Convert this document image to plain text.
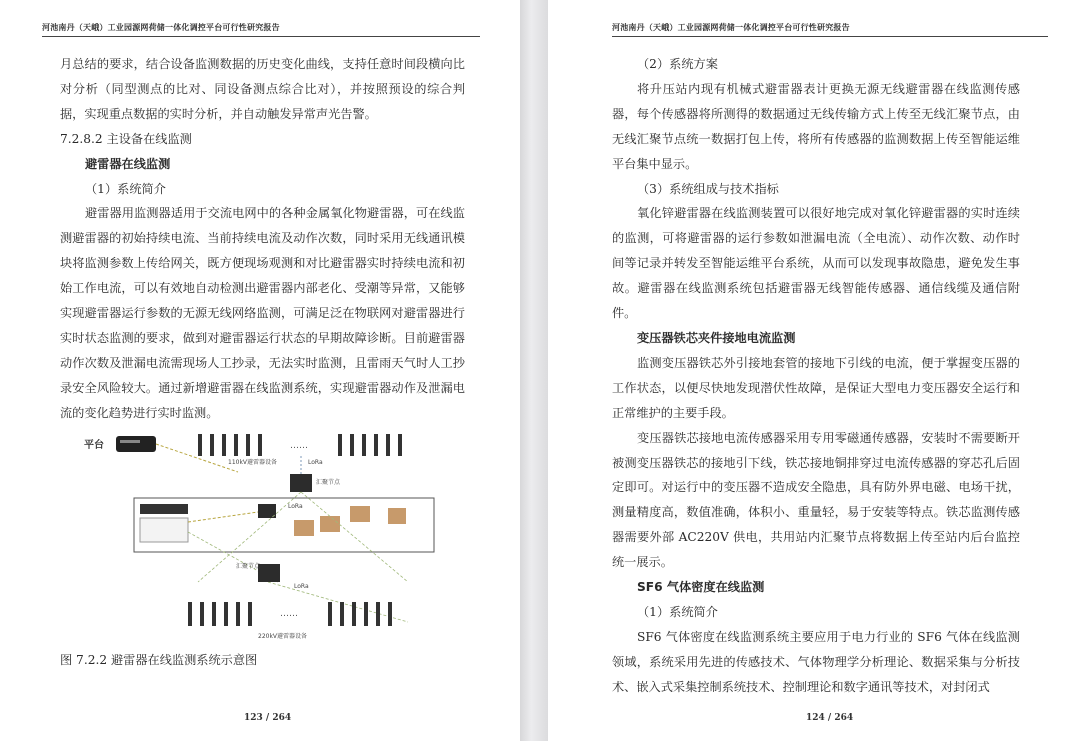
河池南丹（天峨）工业园源网荷储一体化调控平台可行性研究报告

月总结的要求，结合设备监测数据的历史变化曲线，支持任意时间段横向比对分析（同型测点的比对、同设备测点综合比对），并按照预设的综合判据，实现重点数据的实时分析，并自动触发异常声光告警。

7.2.8.2 主设备在线监测

避雷器在线监测

（1）系统简介

避雷器用监测器适用于交流电网中的各种金属氧化物避雷器，可在线监测避雷器的初始持续电流、当前持续电流及动作次数，同时采用无线通讯模块将监测参数上传给网关，既方便现场观测和对比避雷器实时持续电流和初始工作电流，可以有效地自动检测出避雷器内部老化、受潮等异常，又能够实现避雷器运行参数的无源无线网络监测，可满足泛在物联网对避雷器进行实时状态监测的要求，做到对避雷器运行状态的早期故障诊断。目前避雷器动作次数及泄漏电流需现场人工抄录，无法实时监测，且雷雨天气时人工抄录安全风险较大。通过新增避雷器在线监测系统，实现避雷器动作及泄漏电流的变化趋势进行实时监测。

平台	……
110kV避雷器设备	LoRa
汇聚节点
LoRa
汇聚节点
LoRa
……
220kV避雷器设备

图 7.2.2 避雷器在线监测系统示意图

123 / 264
河池南丹（天峨）工业园源网荷储一体化调控平台可行性研究报告

（2）系统方案

将升压站内现有机械式避雷器表计更换无源无线避雷器在线监测传感器，每个传感器将所测得的数据通过无线传输方式上传至无线汇聚节点，由无线汇聚节点统一数据打包上传，将所有传感器的监测数据上传至智能运维平台集中显示。

（3）系统组成与技术指标

氧化锌避雷器在线监测装置可以很好地完成对氧化锌避雷器的实时连续的监测，可将避雷器的运行参数如泄漏电流（全电流）、动作次数、动作时间等记录并转发至智能运维平台系统，从而可以发现事故隐患，避免发生事故。避雷器在线监测系统包括避雷器无线智能传感器、通信线缆及通信附件。

变压器铁芯夹件接地电流监测

监测变压器铁芯外引接地套管的接地下引线的电流，便于掌握变压器的工作状态，以便尽快地发现潜伏性故障，是保证大型电力变压器安全运行和正常维护的主要手段。

变压器铁芯接地电流传感器采用专用零磁通传感器，安装时不需要断开被测变压器铁芯的接地引下线，铁芯接地铜排穿过电流传感器的穿芯孔后固定即可。对运行中的变压器不造成安全隐患，具有防外界电磁、电场干扰，测量精度高，数值准确，体积小、重量轻，易于安装等特点。铁芯监测传感器需要外部 AC220V 供电，共用站内汇聚节点将数据上传至站内后台监控统一展示。

SF6 气体密度在线监测

（1）系统简介

SF6 气体密度在线监测系统主要应用于电力行业的 SF6 气体在线监测领域，系统采用先进的传感技术、气体物理学分析理论、数据采集与分析技术、嵌入式采集控制系统技术、控制理论和数字通讯等技术，对封闭式

124 / 264
